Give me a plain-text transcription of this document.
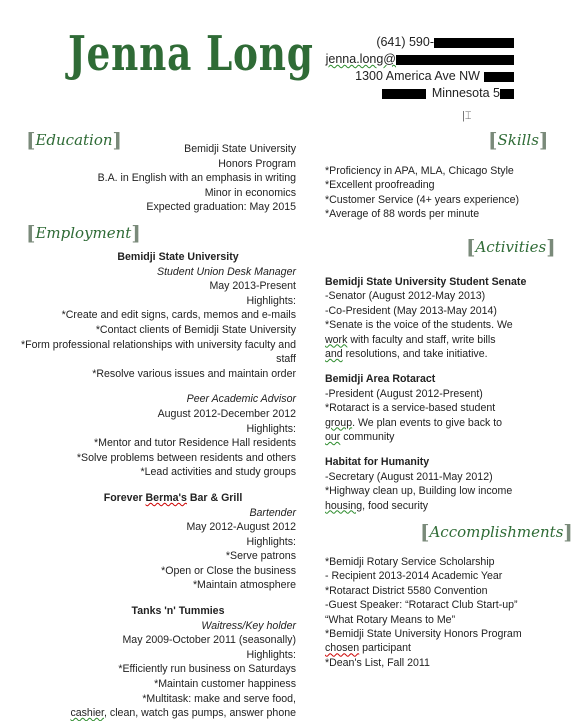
Jenna Long	(641) 590-
jenna.long@
1300 America Ave NW
Minnesota 5
|⌶
[Education]	[Skills]
[Employment]
[Activities]
[Accomplishments]
Bemidji State University
Honors Program
B.A. in English with an emphasis in writing
Minor in economics
Expected graduation: May 2015
*Proficiency in APA, MLA, Chicago Style
*Excellent proofreading
*Customer Service (4+ years experience)
*Average of 88 words per minute
Bemidji State University
Student Union Desk Manager
May 2013-Present
Highlights:
*Create and edit signs, cards, memos and e-mails
*Contact clients of Bemidji State University
*Form professional relationships with university faculty and
staff
*Resolve various issues and maintain order
Peer Academic Advisor
August 2012-December 2012
Highlights:
*Mentor and tutor Residence Hall residents
*Solve problems between residents and others
*Lead activities and study groups
Forever Berma's Bar & Grill
Bartender
May 2012-August 2012
Highlights:
*Serve patrons
*Open or Close the business
*Maintain atmosphere
Tanks 'n' Tummies
Waitress/Key holder
May 2009-October 2011 (seasonally)
Highlights:
*Efficiently run business on Saturdays
*Maintain customer happiness
*Multitask: make and serve food,
cashier, clean, watch gas pumps, answer phone
Bemidji State University Student Senate
-Senator (August 2012-May 2013)
-Co-President (May 2013-May 2014)
*Senate is the voice of the students. We
work with faculty and staff, write bills
and resolutions, and take initiative.
Bemidji Area Rotaract
-President (August 2012-Present)
*Rotaract is a service-based student
group. We plan events to give back to
our community
Habitat for Humanity
-Secretary (August 2011-May 2012)
*Highway clean up, Building low income
housing, food security
*Bemidji Rotary Service Scholarship
- Recipient 2013-2014 Academic Year
*Rotaract District 5580 Convention
-Guest Speaker: “Rotaract Club Start-up”
“What Rotary Means to Me”
*Bemidji State University Honors Program
chosen participant
*Dean's List, Fall 2011
